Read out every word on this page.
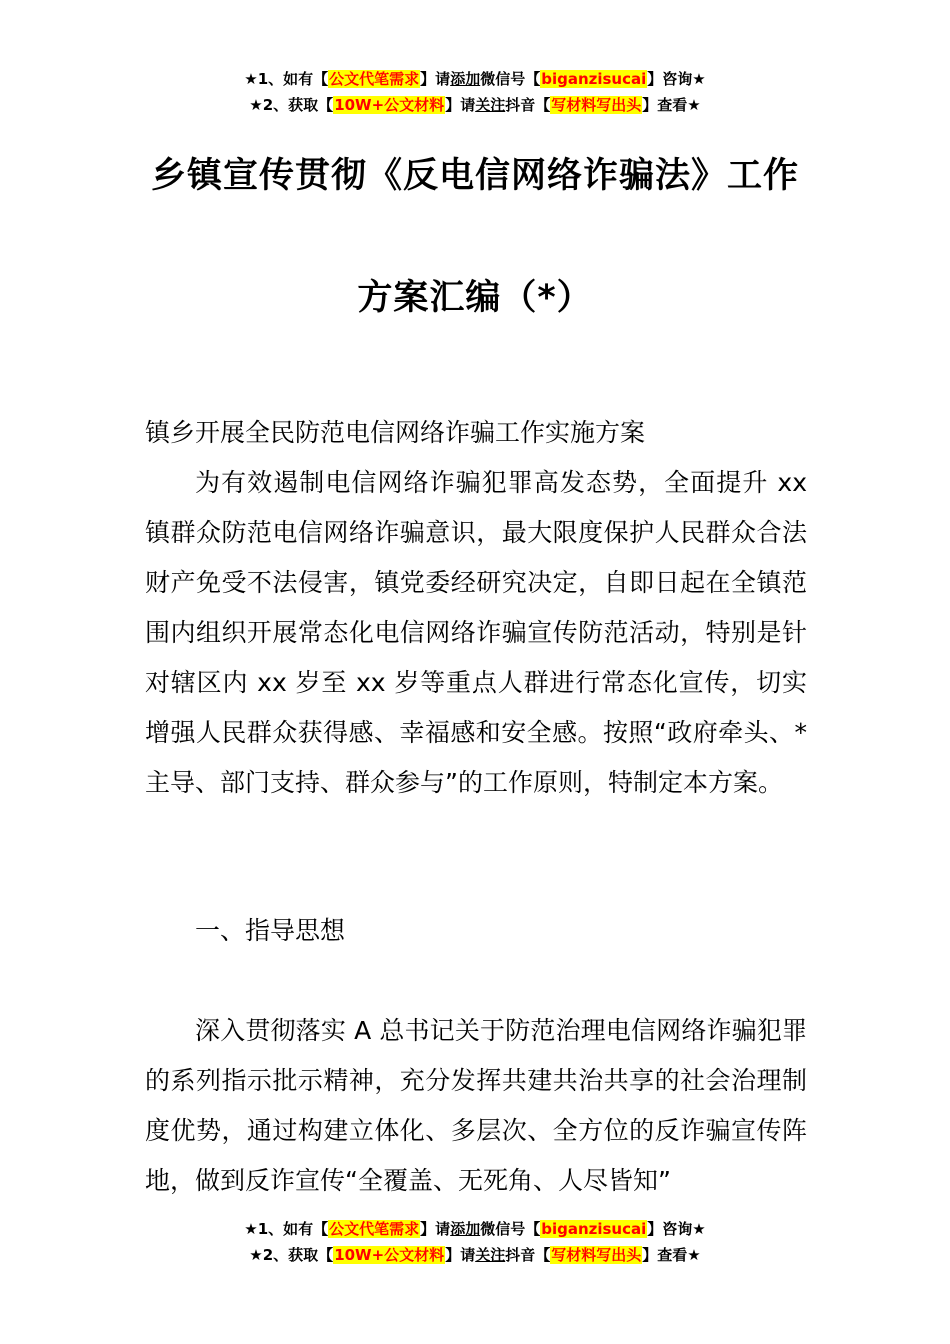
★1、如有【公文代笔需求】请添加微信号【biganzisucai】咨询★
★2、获取【10W+公文材料】请关注抖音【写材料写出头】查看★
乡镇宣传贯彻《反电信网络诈骗法》工作
方案汇编（*）
镇乡开展全民防范电信网络诈骗工作实施方案

为有效遏制电信网络诈骗犯罪高发态势，全面提升 xx 镇群众防范电信网络诈骗意识，最大限度保护人民群众合法财产免受不法侵害，镇党委经研究决定，自即日起在全镇范围内组织开展常态化电信网络诈骗宣传防范活动，特别是针对辖区内 xx 岁至 xx 岁等重点人群进行常态化宣传，切实增强人民群众获得感、幸福感和安全感。按照“政府牵头、*主导、部门支持、群众参与”的工作原则，特制定本方案。

一、指导思想

深入贯彻落实 A 总书记关于防范治理电信网络诈骗犯罪的系列指示批示精神，充分发挥共建共治共享的社会治理制度优势，通过构建立体化、多层次、全方位的反诈骗宣传阵地，做到反诈宣传“全覆盖、无死角、人尽皆知”

★1、如有【公文代笔需求】请添加微信号【biganzisucai】咨询★
★2、获取【10W+公文材料】请关注抖音【写材料写出头】查看★
